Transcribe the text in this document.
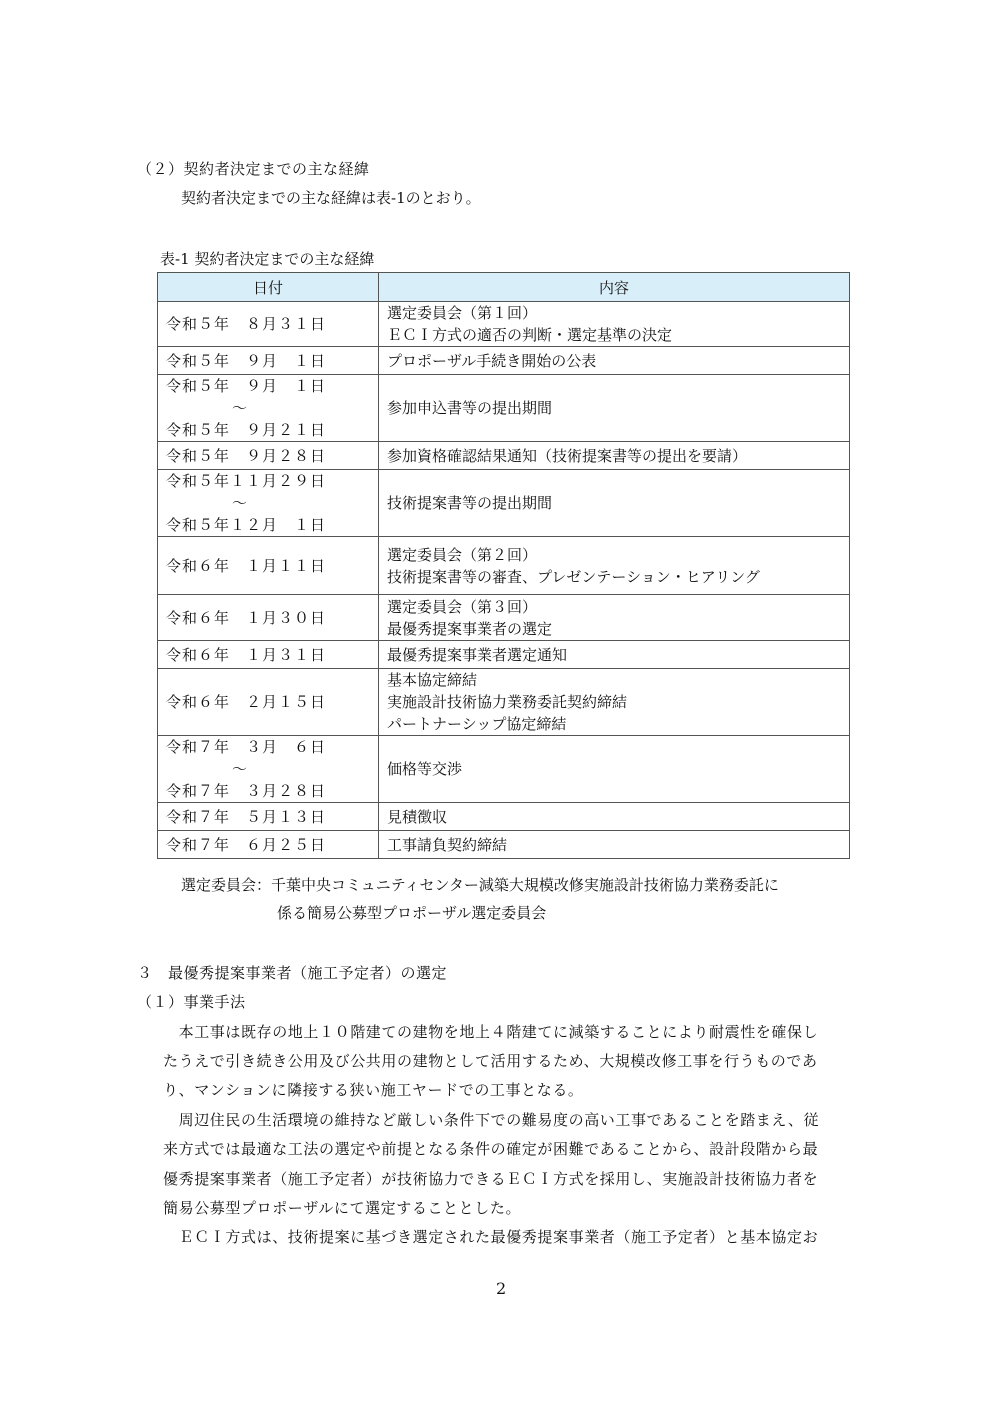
（２）契約者決定までの主な経緯
契約者決定までの主な経緯は表-1のとおり。
表-1 契約者決定までの主な経緯
日付	内容

令和５年　８月３１日	選定委員会（第１回）
ＥＣＩ方式の適否の判断・選定基準の決定

令和５年　９月　１日	プロポーザル手続き開始の公表

令和５年　９月　１日
〜
令和５年　９月２１日	参加申込書等の提出期間

令和５年　９月２８日	参加資格確認結果通知（技術提案書等の提出を要請）

令和５年１１月２９日
〜
令和５年１２月　１日	技術提案書等の提出期間

令和６年　１月１１日	選定委員会（第２回）
技術提案書等の審査、プレゼンテーション・ヒアリング

令和６年　１月３０日	選定委員会（第３回）
最優秀提案事業者の選定

令和６年　１月３１日	最優秀提案事業者選定通知

令和６年　２月１５日	基本協定締結
実施設計技術協力業務委託契約締結
パートナーシップ協定締結

令和７年　３月　６日
〜
令和７年　３月２８日	価格等交渉

令和７年　５月１３日	見積徴収

令和７年　６月２５日	工事請負契約締結
選定委員会：千葉中央コミュニティセンター減築大規模改修実施設計技術協力業務委託に
係る簡易公募型プロポーザル選定委員会
３　最優秀提案事業者（施工予定者）の選定
（１）事業手法
　本工事は既存の地上１０階建ての建物を地上４階建てに減築することにより耐震性を確保し
たうえで引き続き公用及び公共用の建物として活用するため、大規模改修工事を行うものであ
り、マンションに隣接する狭い施工ヤードでの工事となる。
　周辺住民の生活環境の維持など厳しい条件下での難易度の高い工事であることを踏まえ、従
来方式では最適な工法の選定や前提となる条件の確定が困難であることから、設計段階から最
優秀提案事業者（施工予定者）が技術協力できるＥＣＩ方式を採用し、実施設計技術協力者を
簡易公募型プロポーザルにて選定することとした。
　ＥＣＩ方式は、技術提案に基づき選定された最優秀提案事業者（施工予定者）と基本協定お
2
